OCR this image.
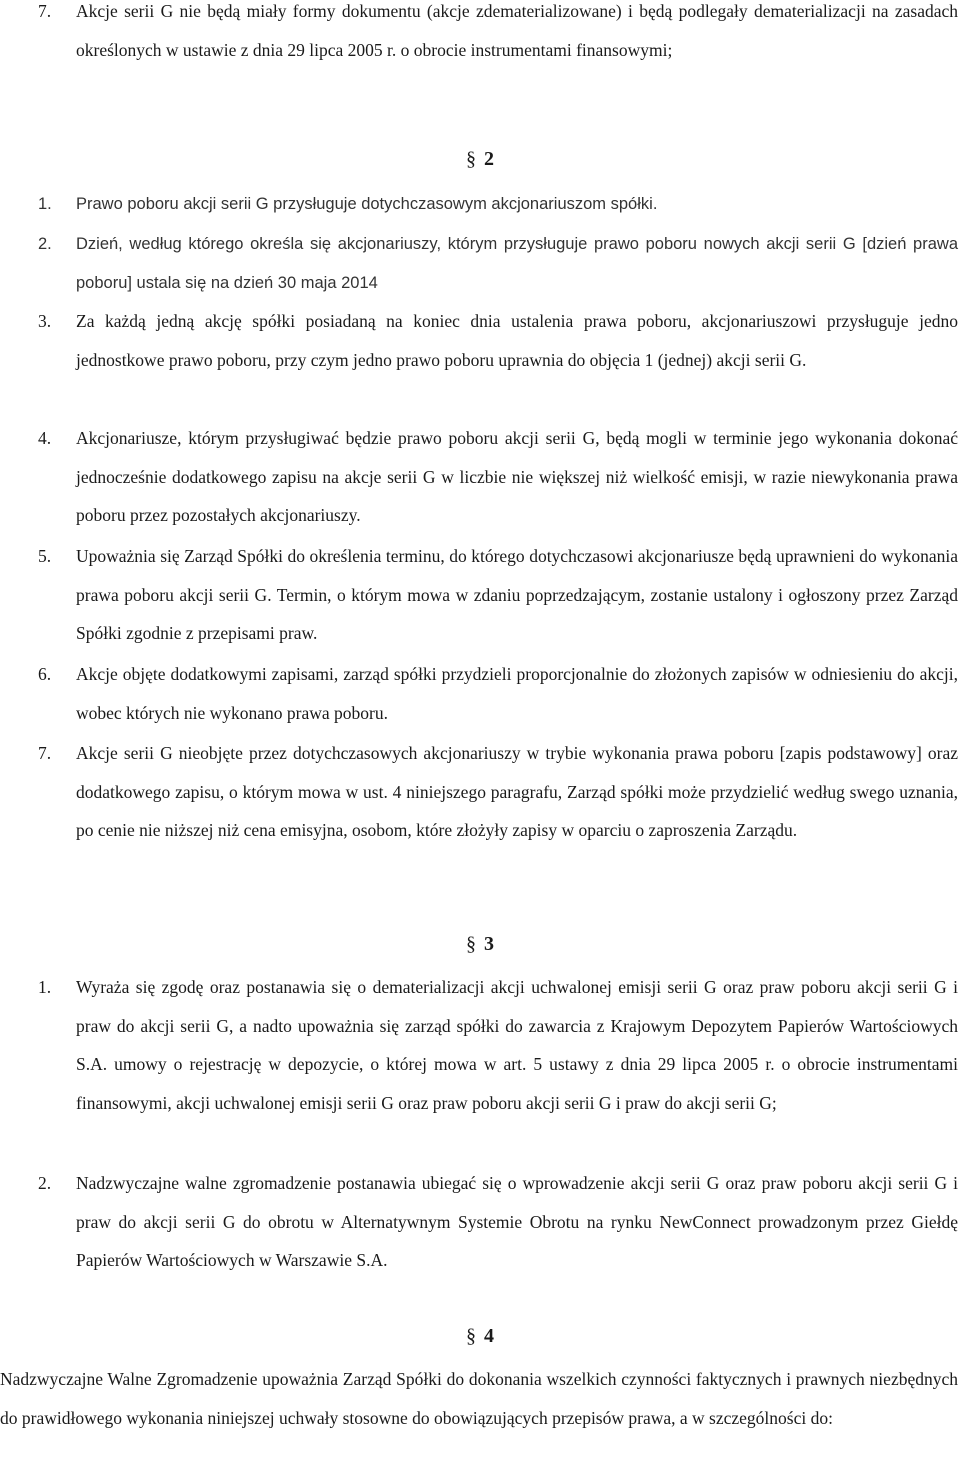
7.	Akcje serii G nie będą miały formy dokumentu (akcje zdematerializowane) i będą podlegały dematerializacji na zasadach określonych w ustawie z dnia 29 lipca 2005 r. o obrocie instrumentami finansowymi;
§ 2
1.	Prawo poboru akcji serii G przysługuje dotychczasowym akcjonariuszom spółki.
2.	Dzień, według którego określa się akcjonariuszy, którym przysługuje prawo poboru nowych akcji serii G [dzień prawa poboru] ustala się na dzień 30 maja 2014
3.	Za każdą jedną akcję spółki posiadaną na koniec dnia ustalenia prawa poboru, akcjonariuszowi przysługuje jedno jednostkowe prawo poboru, przy czym jedno prawo poboru uprawnia do objęcia 1 (jednej) akcji serii G.
4.	Akcjonariusze, którym przysługiwać będzie prawo poboru akcji serii G, będą mogli w terminie jego wykonania dokonać jednocześnie dodatkowego zapisu na akcje serii G w liczbie nie większej niż wielkość emisji, w razie niewykonania prawa poboru przez pozostałych akcjonariuszy.
5.	Upoważnia się Zarząd Spółki do określenia terminu, do którego dotychczasowi akcjonariusze będą uprawnieni do wykonania prawa poboru akcji serii G. Termin, o którym mowa w zdaniu poprzedzającym, zostanie ustalony i ogłoszony przez Zarząd Spółki zgodnie z przepisami praw.
6.	Akcje objęte dodatkowymi zapisami, zarząd spółki przydzieli proporcjonalnie do złożonych zapisów w odniesieniu do akcji, wobec których nie wykonano prawa poboru.
7.	Akcje serii G nieobjęte przez dotychczasowych akcjonariuszy w trybie wykonania prawa poboru [zapis podstawowy] oraz dodatkowego zapisu, o którym mowa w ust. 4 niniejszego paragrafu, Zarząd spółki może przydzielić według swego uznania, po cenie nie niższej niż cena emisyjna, osobom, które złożyły zapisy w oparciu o zaproszenia Zarządu.
§ 3
1.	Wyraża się zgodę oraz postanawia się o dematerializacji akcji uchwalonej emisji serii G oraz praw poboru akcji serii G i praw do akcji serii G, a nadto upoważnia się zarząd spółki do zawarcia z Krajowym Depozytem Papierów Wartościowych S.A. umowy o rejestrację w depozycie, o której mowa w art. 5 ustawy z dnia 29 lipca 2005 r. o obrocie instrumentami finansowymi, akcji uchwalonej emisji serii G oraz praw poboru akcji serii G i praw do akcji serii G;
2.	Nadzwyczajne walne zgromadzenie postanawia ubiegać się o wprowadzenie akcji serii G oraz praw poboru akcji serii G i praw do akcji serii G do obrotu w Alternatywnym Systemie Obrotu na rynku NewConnect prowadzonym przez Giełdę Papierów Wartościowych w Warszawie S.A.
§ 4
Nadzwyczajne Walne Zgromadzenie upoważnia Zarząd Spółki do dokonania wszelkich czynności faktycznych i prawnych niezbędnych do prawidłowego wykonania niniejszej uchwały stosowne do obowiązujących przepisów prawa, a w szczególności do:
